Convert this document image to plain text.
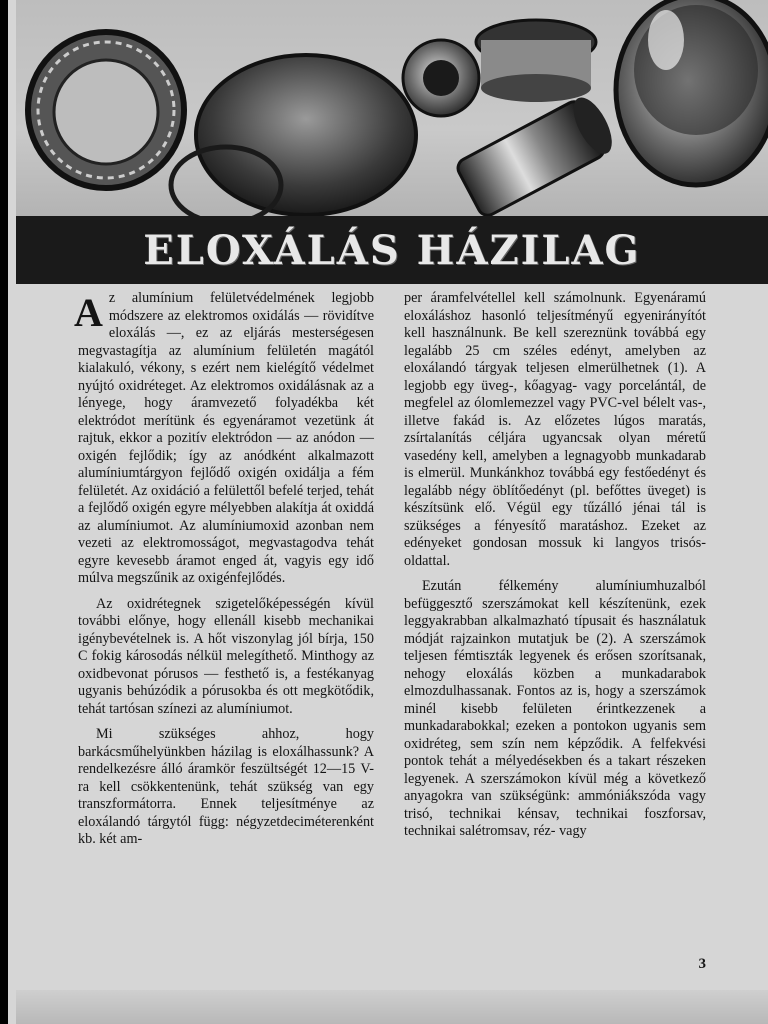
ELOXÁLÁS HÁZILAG

Az alumínium felületvédelmének legjobb módszere az elektromos oxidálás — rövidítve eloxálás —, ez az eljárás mesterségesen megvastagítja az alumínium felületén magától kialakuló, vékony, s ezért nem kielégítő védelmet nyújtó oxidréteget. Az elektromos oxidálásnak az a lényege, hogy áramvezető folyadékba két elektródot merítünk és egyenáramot vezetünk át rajtuk, ekkor a pozitív elektródon — az anódon — oxigén fejlődik; így az anódként alkalmazott alumíniumtárgyon fejlődő oxigén oxidálja a fém felületét. Az oxidáció a felülettől befelé terjed, tehát a fejlődő oxigén egyre mélyebben alakítja át oxiddá az alumíniumot. Az alumíniumoxid azonban nem vezeti az elektromosságot, megvastagodva tehát egyre kevesebb áramot enged át, vagyis egy idő múlva megszűnik az oxigénfejlődés.

Az oxidrétegnek szigetelőképességén kívül további előnye, hogy ellenáll kisebb mechanikai igénybevételnek is. A hőt viszonylag jól bírja, 150 C fokig károsodás nélkül melegíthető. Minthogy az oxidbevonat pórusos — festhető is, a festékanyag ugyanis behúzódik a pórusokba és ott megkötődik, tehát tartósan színezi az alumíniumot.

Mi szükséges ahhoz, hogy barkácsműhelyünkben házilag is eloxálhassunk? A rendelkezésre álló áramkör feszültségét 12—15 V-ra kell csökkentenünk, tehát szükség van egy transzformátorra. Ennek teljesítménye az eloxálandó tárgytól függ: négyzetdeciméterenként kb. két am-

per áramfelvétellel kell számolnunk. Egyenáramú eloxáláshoz hasonló teljesítményű egyenirányítót kell használnunk. Be kell szereznünk továbbá egy legalább 25 cm széles edényt, amelyben az eloxálandó tárgyak teljesen elmerülhetnek (1). A legjobb egy üveg-, kőagyag- vagy porcelántál, de megfelel az ólomlemezzel vagy PVC-vel bélelt vas-, illetve fakád is. Az előzetes lúgos maratás, zsírtalanítás céljára ugyancsak olyan méretű vasedény kell, amelyben a legnagyobb munkadarab is elmerül. Munkánkhoz továbbá egy festőedényt és legalább négy öblítőedényt (pl. befőttes üveget) is készítsünk elő. Végül egy tűzálló jénai tál is szükséges a fényesítő maratáshoz. Ezeket az edényeket gondosan mossuk ki langyos trisós-oldattal.

Ezután félkemény alumíniumhuzalból befüggesztő szerszámokat kell készítenünk, ezek leggyakrabban alkalmazható típusait és használatuk módját rajzainkon mutatjuk be (2). A szerszámok teljesen fémtiszták legyenek és erősen szorítsanak, nehogy eloxálás közben a munkadarabok elmozdulhassanak. Fontos az is, hogy a szerszámok minél kisebb felületen érintkezzenek a munkadarabokkal; ezeken a pontokon ugyanis sem oxidréteg, sem szín nem képződik. A felfekvési pontok tehát a mélyedésekben és a takart részeken legyenek. A szerszámokon kívül még a következő anyagokra van szükségünk: ammóniákszóda vagy trisó, technikai kénsav, technikai foszforsav, technikai salétromsav, réz- vagy

3
